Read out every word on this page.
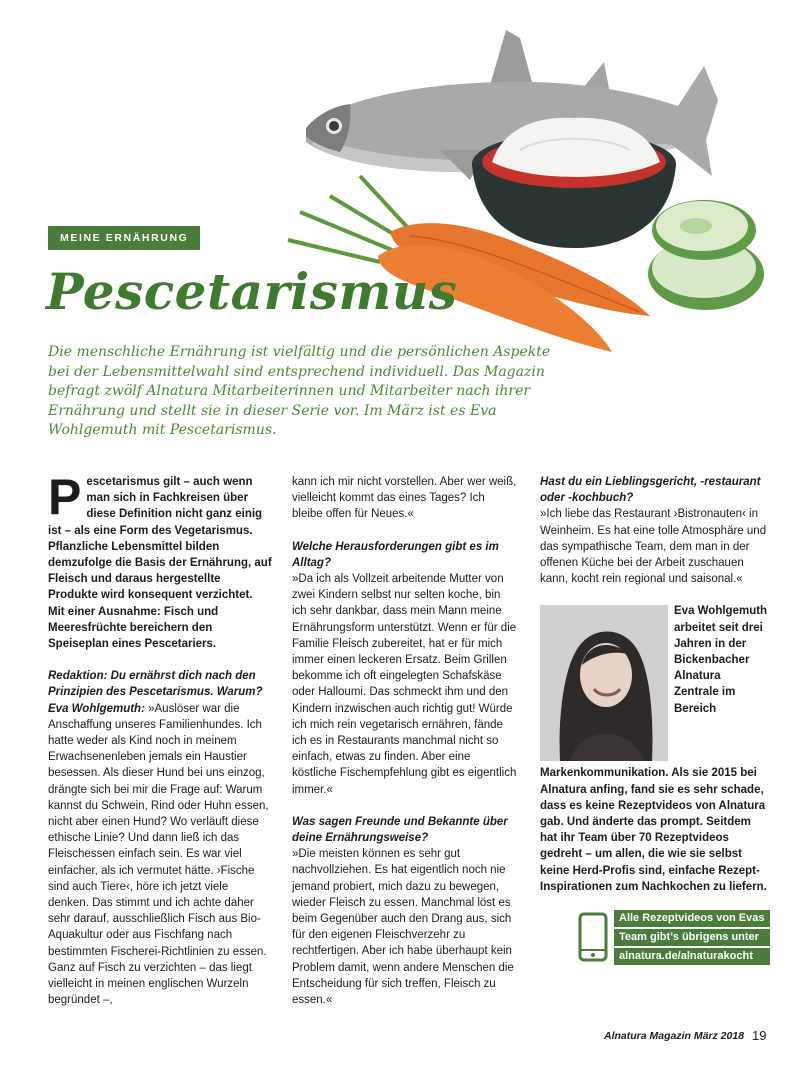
MEINE ERNÄHRUNG
Pescetarismus

Die menschliche Ernährung ist vielfältig und die persönlichen Aspekte bei der Lebensmittelwahl sind entsprechend individuell. Das Magazin befragt zwölf Alnatura Mitarbeiterinnen und Mitarbeiter nach ihrer Ernährung und stellt sie in dieser Serie vor. Im März ist es Eva Wohlgemuth mit Pescetarismus.

Pescetarismus gilt – auch wenn man sich in Fachkreisen über diese Definition nicht ganz einig ist – als eine Form des Vegetarismus. Pflanzliche Lebensmittel bilden demzufolge die Basis der Ernährung, auf Fleisch und daraus hergestellte Produkte wird konsequent verzichtet. Mit einer Ausnahme: Fisch und Meeresfrüchte bereichern den Speiseplan eines Pescetariers.

Redaktion: Du ernährst dich nach den Prinzipien des Pescetarismus. Warum?

Eva Wohlgemuth: »Auslöser war die Anschaffung unseres Familienhundes. Ich hatte weder als Kind noch in meinem Erwachsenenleben jemals ein Haustier besessen. Als dieser Hund bei uns einzog, drängte sich bei mir die Frage auf: Warum kannst du Schwein, Rind oder Huhn essen, nicht aber einen Hund? Wo verläuft diese ethische Linie? Und dann ließ ich das Fleischessen einfach sein. Es war viel einfacher, als ich vermutet hätte. ›Fische sind auch Tiere‹, höre ich jetzt viele denken. Das stimmt und ich achte daher sehr darauf, ausschließlich Fisch aus Bio-Aquakultur oder aus Fischfang nach bestimmten Fischerei-Richtlinien zu essen. Ganz auf Fisch zu verzichten – das liegt vielleicht in meinen englischen Wurzeln begründet –,

kann ich mir nicht vorstellen. Aber wer weiß, vielleicht kommt das eines Tages? Ich bleibe offen für Neues.«

Welche Herausforderungen gibt es im Alltag?

»Da ich als Vollzeit arbeitende Mutter von zwei Kindern selbst nur selten koche, bin ich sehr dankbar, dass mein Mann meine Ernährungsform unterstützt. Wenn er für die Familie Fleisch zubereitet, hat er für mich immer einen leckeren Ersatz. Beim Grillen bekomme ich oft eingelegten Schafskäse oder Halloumi. Das schmeckt ihm und den Kindern inzwischen auch richtig gut! Würde ich mich rein vegetarisch ernähren, fände ich es in Restaurants manchmal nicht so einfach, etwas zu finden. Aber eine köstliche Fischempfehlung gibt es eigentlich immer.«

Was sagen Freunde und Bekannte über deine Ernährungsweise?

»Die meisten können es sehr gut nachvollziehen. Es hat eigentlich noch nie jemand probiert, mich dazu zu bewegen, wieder Fleisch zu essen. Manchmal löst es beim Gegenüber auch den Drang aus, sich für den eigenen Fleischverzehr zu rechtfertigen. Aber ich habe überhaupt kein Problem damit, wenn andere Menschen die Entscheidung für sich treffen, Fleisch zu essen.«

Hast du ein Lieblingsgericht, -restaurant oder -kochbuch?

»Ich liebe das Restaurant ›Bistronauten‹ in Weinheim. Es hat eine tolle Atmosphäre und das sympathische Team, dem man in der offenen Küche bei der Arbeit zuschauen kann, kocht rein regional und saisonal.«

Eva Wohlgemuth arbeitet seit drei Jahren in der Bickenbacher Alnatura Zentrale im Bereich Markenkommunikation. Als sie 2015 bei Alnatura anfing, fand sie es sehr schade, dass es keine Rezeptvideos von Alnatura gab. Und änderte das prompt. Seitdem hat ihr Team über 70 Rezeptvideos gedreht – um allen, die wie sie selbst keine Herd-Profis sind, einfache Rezept-Inspirationen zum Nachkochen zu liefern.

Alle Rezeptvideos von Evas
Team gibt’s übrigens unter
alnatura.de/alnaturakocht
Alnatura Magazin März 2018 19
